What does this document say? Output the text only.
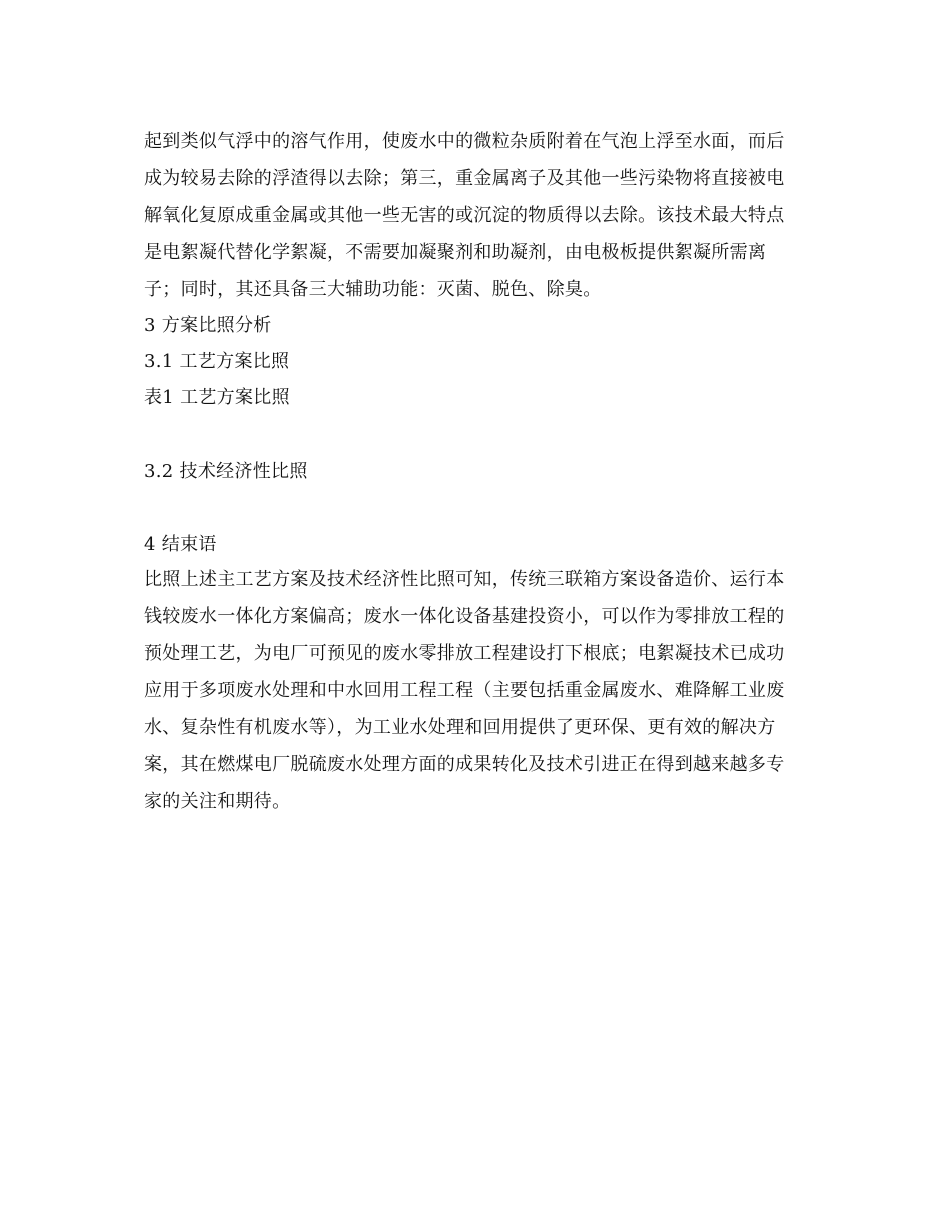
起到类似气浮中的溶气作用，使废水中的微粒杂质附着在气泡上浮至水面，而后
成为较易去除的浮渣得以去除；第三，重金属离子及其他一些污染物将直接被电
解氧化复原成重金属或其他一些无害的或沉淀的物质得以去除。该技术最大特点
是电絮凝代替化学絮凝，不需要加凝聚剂和助凝剂，由电极板提供絮凝所需离
子；同时，其还具备三大辅助功能：灭菌、脱色、除臭。
3 方案比照分析
3.1 工艺方案比照
表1 工艺方案比照
3.2 技术经济性比照
4 结束语
比照上述主工艺方案及技术经济性比照可知，传统三联箱方案设备造价、运行本
钱较废水一体化方案偏高；废水一体化设备基建投资小，可以作为零排放工程的
预处理工艺，为电厂可预见的废水零排放工程建设打下根底；电絮凝技术已成功
应用于多项废水处理和中水回用工程工程（主要包括重金属废水、难降解工业废
水、复杂性有机废水等），为工业水处理和回用提供了更环保、更有效的解决方
案，其在燃煤电厂脱硫废水处理方面的成果转化及技术引进正在得到越来越多专
家的关注和期待。
